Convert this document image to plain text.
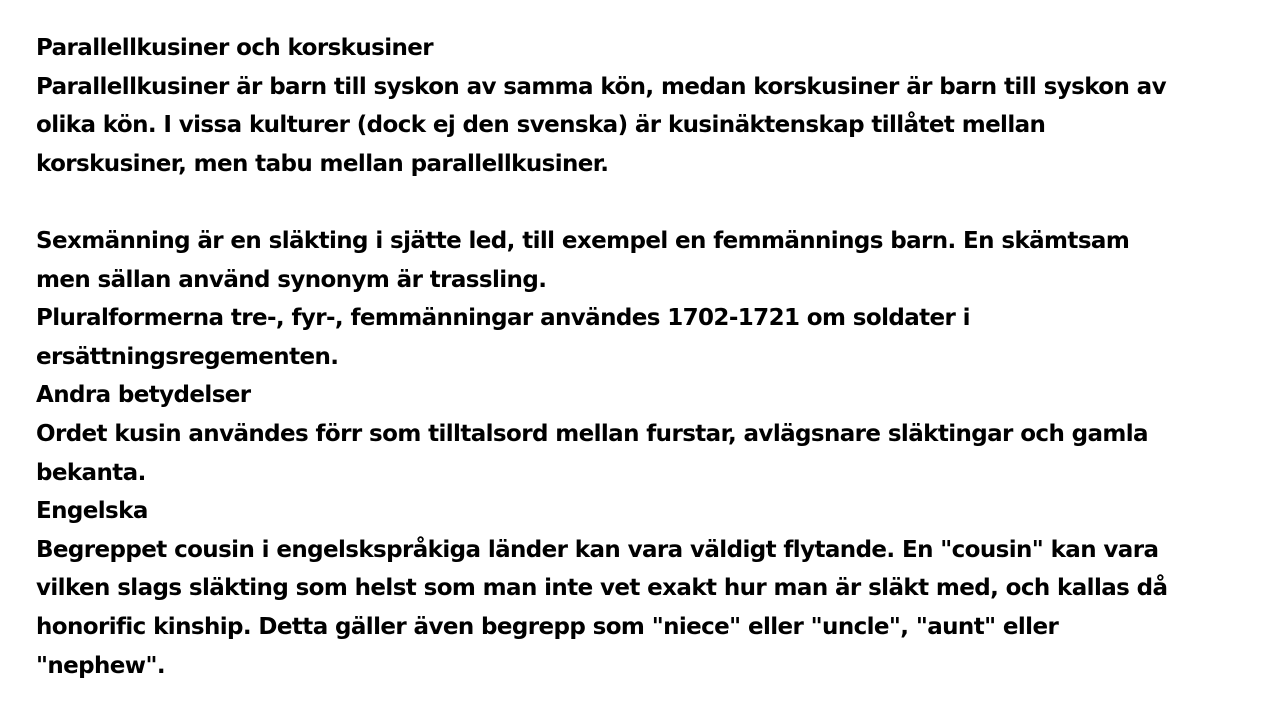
Parallellkusiner och korskusiner
Parallellkusiner är barn till syskon av samma kön, medan korskusiner är barn till syskon av
olika kön. I vissa kulturer (dock ej den svenska) är kusinäktenskap tillåtet mellan
korskusiner, men tabu mellan parallellkusiner.
Sexmänning är en släkting i sjätte led, till exempel en femmännings barn. En skämtsam
men sällan använd synonym är trassling.
Pluralformerna tre-, fyr-, femmänningar användes 1702-1721 om soldater i
ersättningsregementen.
Andra betydelser
Ordet kusin användes förr som tilltalsord mellan furstar, avlägsnare släktingar och gamla
bekanta.
Engelska
Begreppet cousin i engelskspråkiga länder kan vara väldigt flytande. En "cousin" kan vara
vilken slags släkting som helst som man inte vet exakt hur man är släkt med, och kallas då
honorific kinship. Detta gäller även begrepp som "niece" eller "uncle", "aunt" eller
"nephew".
